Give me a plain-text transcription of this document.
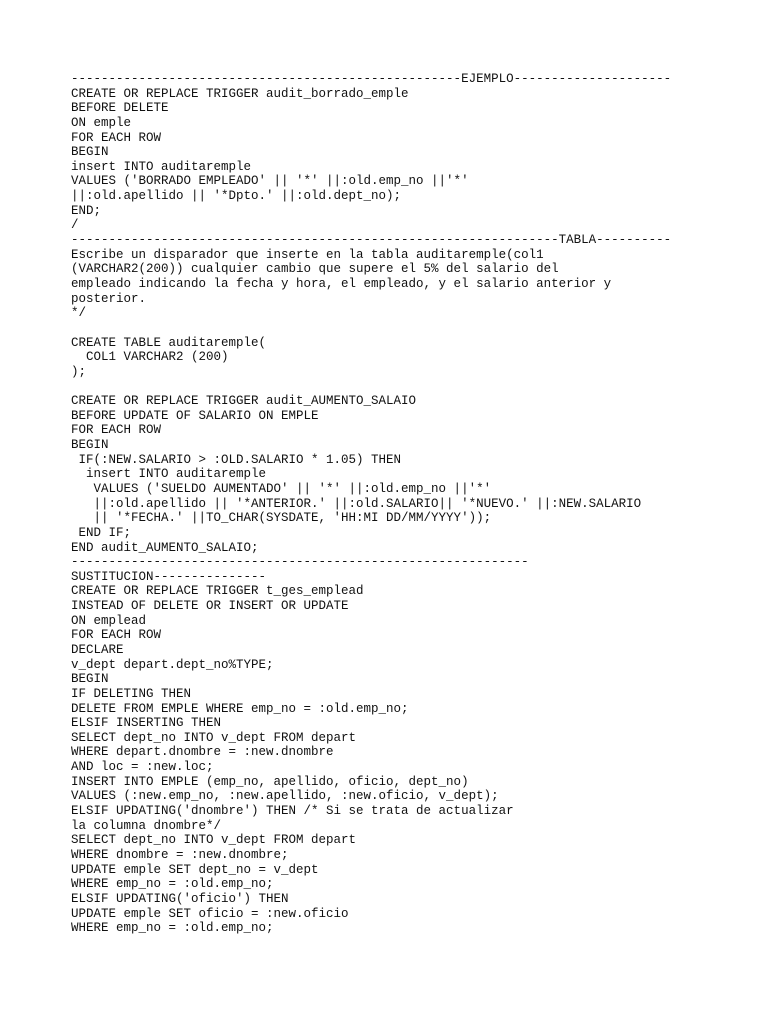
----------------------------------------------------EJEMPLO---------------------
CREATE OR REPLACE TRIGGER audit_borrado_emple
BEFORE DELETE
ON emple
FOR EACH ROW
BEGIN
insert INTO auditaremple
VALUES ('BORRADO EMPLEADO' || '*' ||:old.emp_no ||'*'
||:old.apellido || '*Dpto.' ||:old.dept_no);
END;
/
-----------------------------------------------------------------TABLA----------
Escribe un disparador que inserte en la tabla auditaremple(col1
(VARCHAR2(200)) cualquier cambio que supere el 5% del salario del
empleado indicando la fecha y hora, el empleado, y el salario anterior y
posterior.
*/
CREATE TABLE auditaremple(
COL1 VARCHAR2 (200)
);
CREATE OR REPLACE TRIGGER audit_AUMENTO_SALAIO
BEFORE UPDATE OF SALARIO ON EMPLE
FOR EACH ROW
BEGIN
IF(:NEW.SALARIO > :OLD.SALARIO * 1.05) THEN
insert INTO auditaremple
VALUES ('SUELDO AUMENTADO' || '*' ||:old.emp_no ||'*'
||:old.apellido || '*ANTERIOR.' ||:old.SALARIO|| '*NUEVO.' ||:NEW.SALARIO
|| '*FECHA.' ||TO_CHAR(SYSDATE, 'HH:MI DD/MM/YYYY'));
END IF;
END audit_AUMENTO_SALAIO;
-------------------------------------------------------------
SUSTITUCION---------------
CREATE OR REPLACE TRIGGER t_ges_emplead
INSTEAD OF DELETE OR INSERT OR UPDATE
ON emplead
FOR EACH ROW
DECLARE
v_dept depart.dept_no%TYPE;
BEGIN
IF DELETING THEN
DELETE FROM EMPLE WHERE emp_no = :old.emp_no;
ELSIF INSERTING THEN
SELECT dept_no INTO v_dept FROM depart
WHERE depart.dnombre = :new.dnombre
AND loc = :new.loc;
INSERT INTO EMPLE (emp_no, apellido, oficio, dept_no)
VALUES (:new.emp_no, :new.apellido, :new.oficio, v_dept);
ELSIF UPDATING('dnombre') THEN /* Si se trata de actualizar
la columna dnombre*/
SELECT dept_no INTO v_dept FROM depart
WHERE dnombre = :new.dnombre;
UPDATE emple SET dept_no = v_dept
WHERE emp_no = :old.emp_no;
ELSIF UPDATING('oficio') THEN
UPDATE emple SET oficio = :new.oficio
WHERE emp_no = :old.emp_no;
